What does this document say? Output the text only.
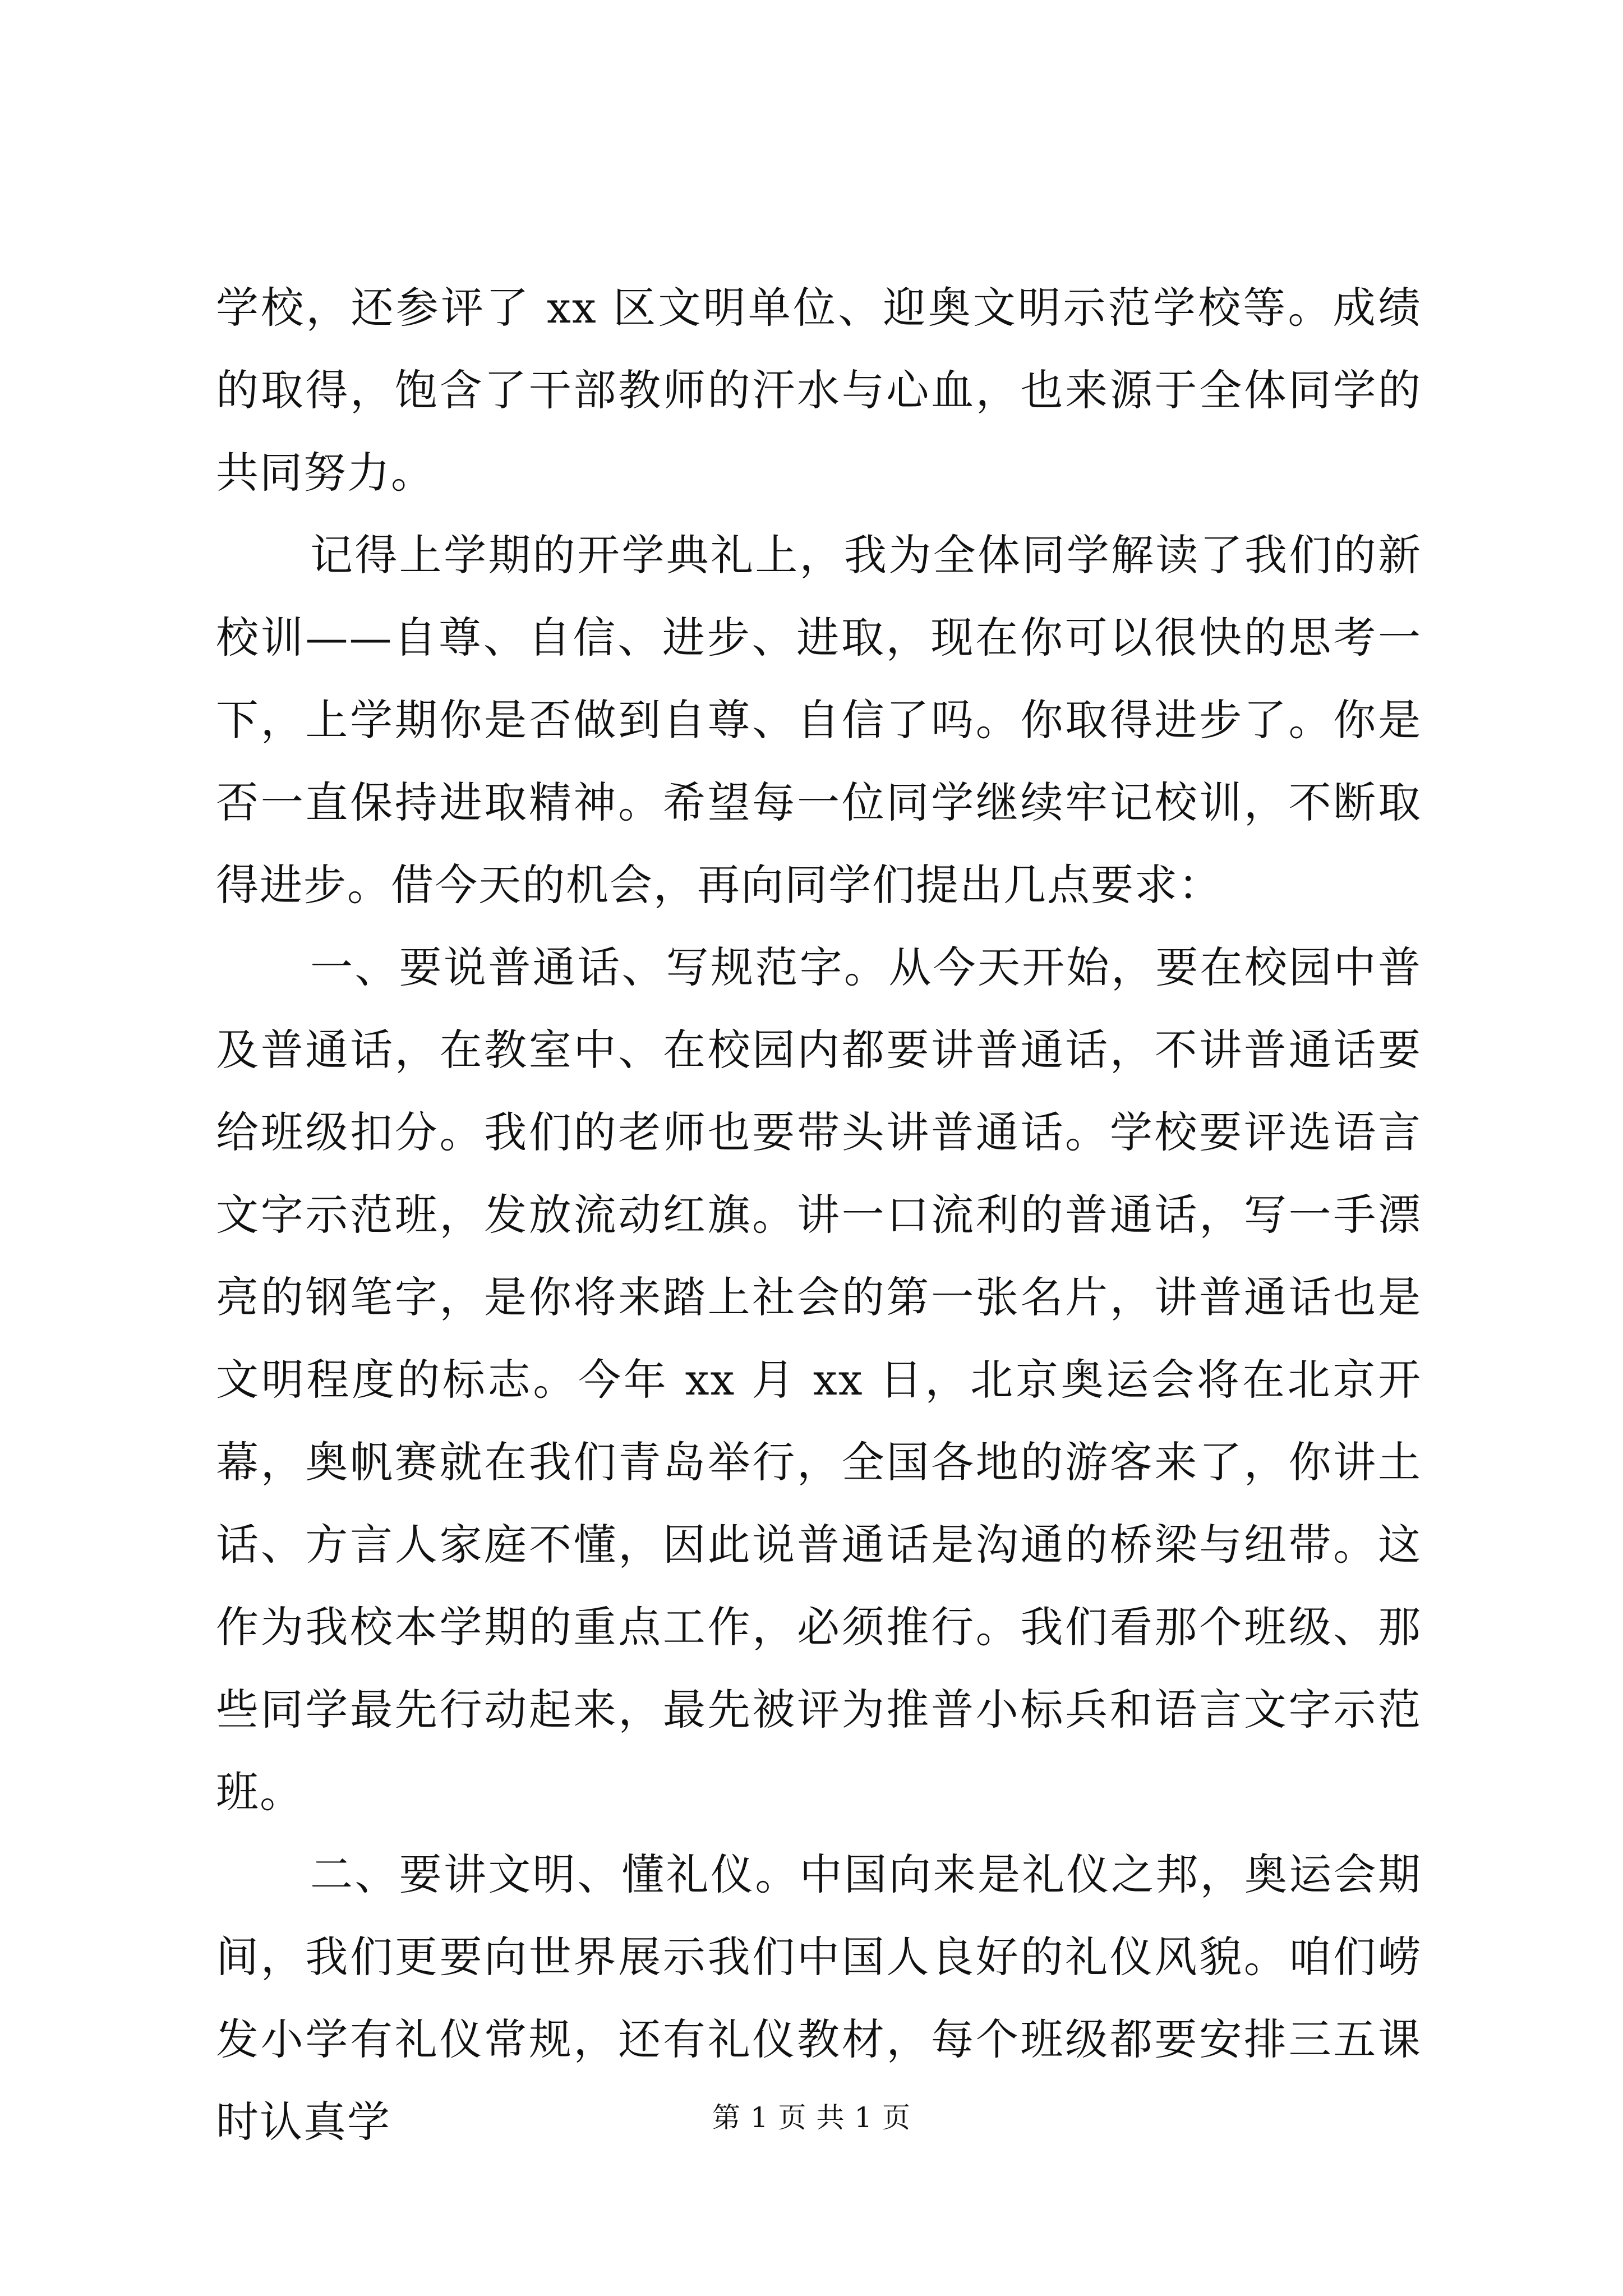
学校，还参评了 xx 区文明单位、迎奥文明示范学校等。成绩的取得，饱含了干部教师的汗水与心血，也来源于全体同学的共同努力。

记得上学期的开学典礼上，我为全体同学解读了我们的新校训——自尊、自信、进步、进取，现在你可以很快的思考一下，上学期你是否做到自尊、自信了吗。你取得进步了。你是否一直保持进取精神。希望每一位同学继续牢记校训，不断取得进步。借今天的机会，再向同学们提出几点要求：

一、要说普通话、写规范字。从今天开始，要在校园中普及普通话，在教室中、在校园内都要讲普通话，不讲普通话要给班级扣分。我们的老师也要带头讲普通话。学校要评选语言文字示范班，发放流动红旗。讲一口流利的普通话，写一手漂亮的钢笔字，是你将来踏上社会的第一张名片，讲普通话也是文明程度的标志。今年 xx 月 xx 日，北京奥运会将在北京开幕，奥帆赛就在我们青岛举行，全国各地的游客来了，你讲土话、方言人家庭不懂，因此说普通话是沟通的桥梁与纽带。这作为我校本学期的重点工作，必须推行。我们看那个班级、那些同学最先行动起来，最先被评为推普小标兵和语言文字示范班。

二、要讲文明、懂礼仪。中国向来是礼仪之邦，奥运会期间，我们更要向世界展示我们中国人良好的礼仪风貌。咱们崂发小学有礼仪常规，还有礼仪教材，每个班级都要安排三五课时认真学	第 1 页 共 1 页
